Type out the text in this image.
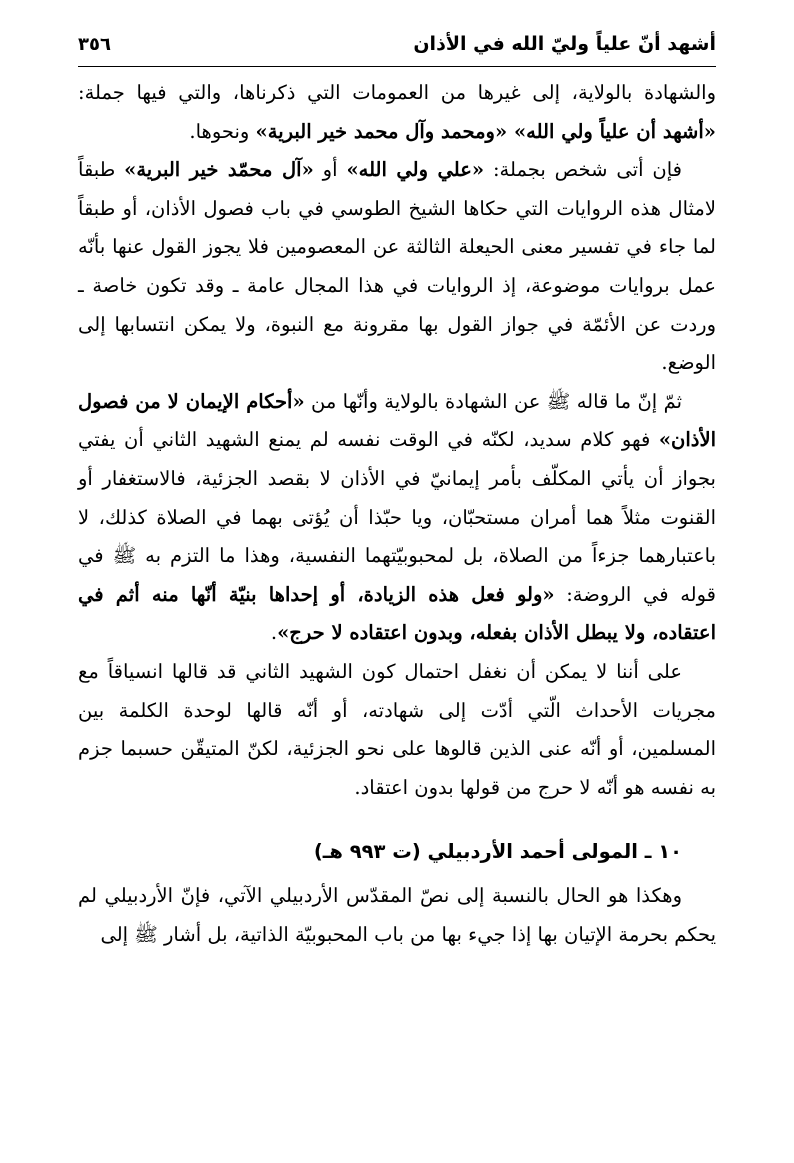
أشهد أنّ علياً وليّ الله في الأذان
٣٥٦

والشهادة بالولاية، إلى غيرها من العمومات التي ذكرناها، والتي فيها جملة: «أشهد أن علياً ولي الله» «ومحمد وآل محمد خير البرية» ونحوها.

فإن أتى شخص بجملة: «علي ولي الله» أو «آل محمّد خير البرية» طبقاً لامثال هذه الروايات التي حكاها الشيخ الطوسي في باب فصول الأذان، أو طبقاً لما جاء في تفسير معنى الحيعلة الثالثة عن المعصومين فلا يجوز القول عنها بأنّه عمل بروايات موضوعة، إذ الروايات في هذا المجال عامة ـ وقد تكون خاصة ـ وردت عن الأئمّة في جواز القول بها مقرونة مع النبوة، ولا يمكن انتسابها إلى الوضع.

ثمّ إنّ ما قاله ﷺ عن الشهادة بالولاية وأنّها من «أحكام الإيمان لا من فصول الأذان» فهو كلام سديد، لكنّه في الوقت نفسه لم يمنع الشهيد الثاني أن يفتي بجواز أن يأتي المكلّف بأمر إيمانيّ في الأذان لا بقصد الجزئية، فالاستغفار أو القنوت مثلاً هما أمران مستحبّان، ويا حبّذا أن يُؤتى بهما في الصلاة كذلك، لا باعتبارهما جزءاً من الصلاة، بل لمحبوبيّتهما النفسية، وهذا ما التزم به ﷺ في قوله في الروضة: «ولو فعل هذه الزيادة، أو إحداها بنيّة أنّها منه أثم في اعتقاده، ولا يبطل الأذان بفعله، وبدون اعتقاده لا حرج».

على أننا لا يمكن أن نغفل احتمال كون الشهيد الثاني قد قالها انسياقاً مع مجريات الأحداث الّتي أدّت إلى شهادته، أو أنّه قالها لوحدة الكلمة بين المسلمين، أو أنّه عنى الذين قالوها على نحو الجزئية، لكنّ المتيقّن حسبما جزم به نفسه هو أنّه لا حرج من قولها بدون اعتقاد.

١٠ ـ المولى أحمد الأردبيلي (ت ٩٩٣ هـ)

وهكذا هو الحال بالنسبة إلى نصّ المقدّس الأردبيلي الآتي، فإنّ الأردبيلي لم يحكم بحرمة الإتيان بها إذا جيء بها من باب المحبوبيّة الذاتية، بل أشار ﷺ إلى
